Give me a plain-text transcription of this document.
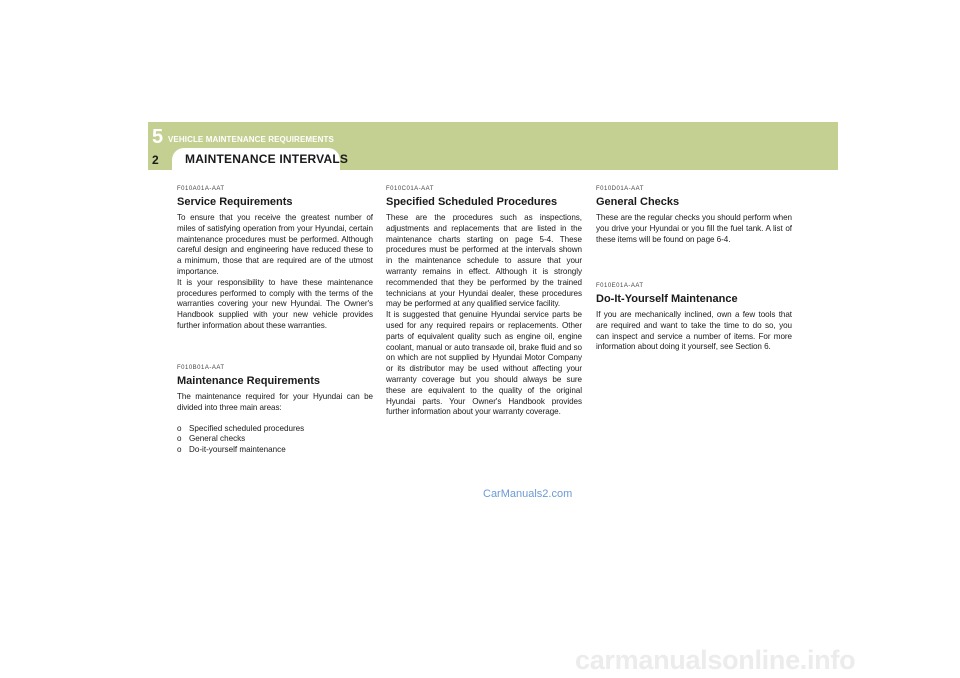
5 VEHICLE MAINTENANCE REQUIREMENTS
2 MAINTENANCE INTERVALS
F010A01A-AAT
Service Requirements
To ensure that you receive the greatest number of miles of satisfying operation from your Hyundai, certain maintenance procedures must be performed. Although careful design and engineering have reduced these to a minimum, those that are required are of the utmost importance.
It is your responsibility to have these maintenance procedures performed to comply with the terms of the warranties covering your new Hyundai. The Owner's Handbook supplied with your new vehicle provides further information about these warranties.
F010B01A-AAT
Maintenance Requirements
The maintenance required for your Hyundai can be divided into three main areas:
o Specified scheduled procedures
o General checks
o Do-it-yourself maintenance
F010C01A-AAT
Specified Scheduled Procedures
These are the procedures such as inspections, adjustments and replacements that are listed in the maintenance charts starting on page 5-4. These procedures must be performed at the intervals shown in the maintenance schedule to assure that your warranty remains in effect. Although it is strongly recommended that they be performed by the trained technicians at your Hyundai dealer, these procedures may be performed at any qualified service facility.
It is suggested that genuine Hyundai service parts be used for any required repairs or replacements. Other parts of equivalent quality such as engine oil, engine coolant, manual or auto transaxle oil, brake fluid and so on which are not supplied by Hyundai Motor Company or its distributor may be used without affecting your warranty coverage but you should always be sure these are equivalent to the quality of the original Hyundai parts. Your Owner's Handbook provides further information about your warranty coverage.
F010D01A-AAT
General Checks
These are the regular checks you should perform when you drive your Hyundai or you fill the fuel tank. A list of these items will be found on page 6-4.
F010E01A-AAT
Do-It-Yourself Maintenance
If you are mechanically inclined, own a few tools that are required and want to take the time to do so, you can inspect and service a number of items. For more information about doing it yourself, see Section 6.
CarManuals2.com
carmanualsonline.info
